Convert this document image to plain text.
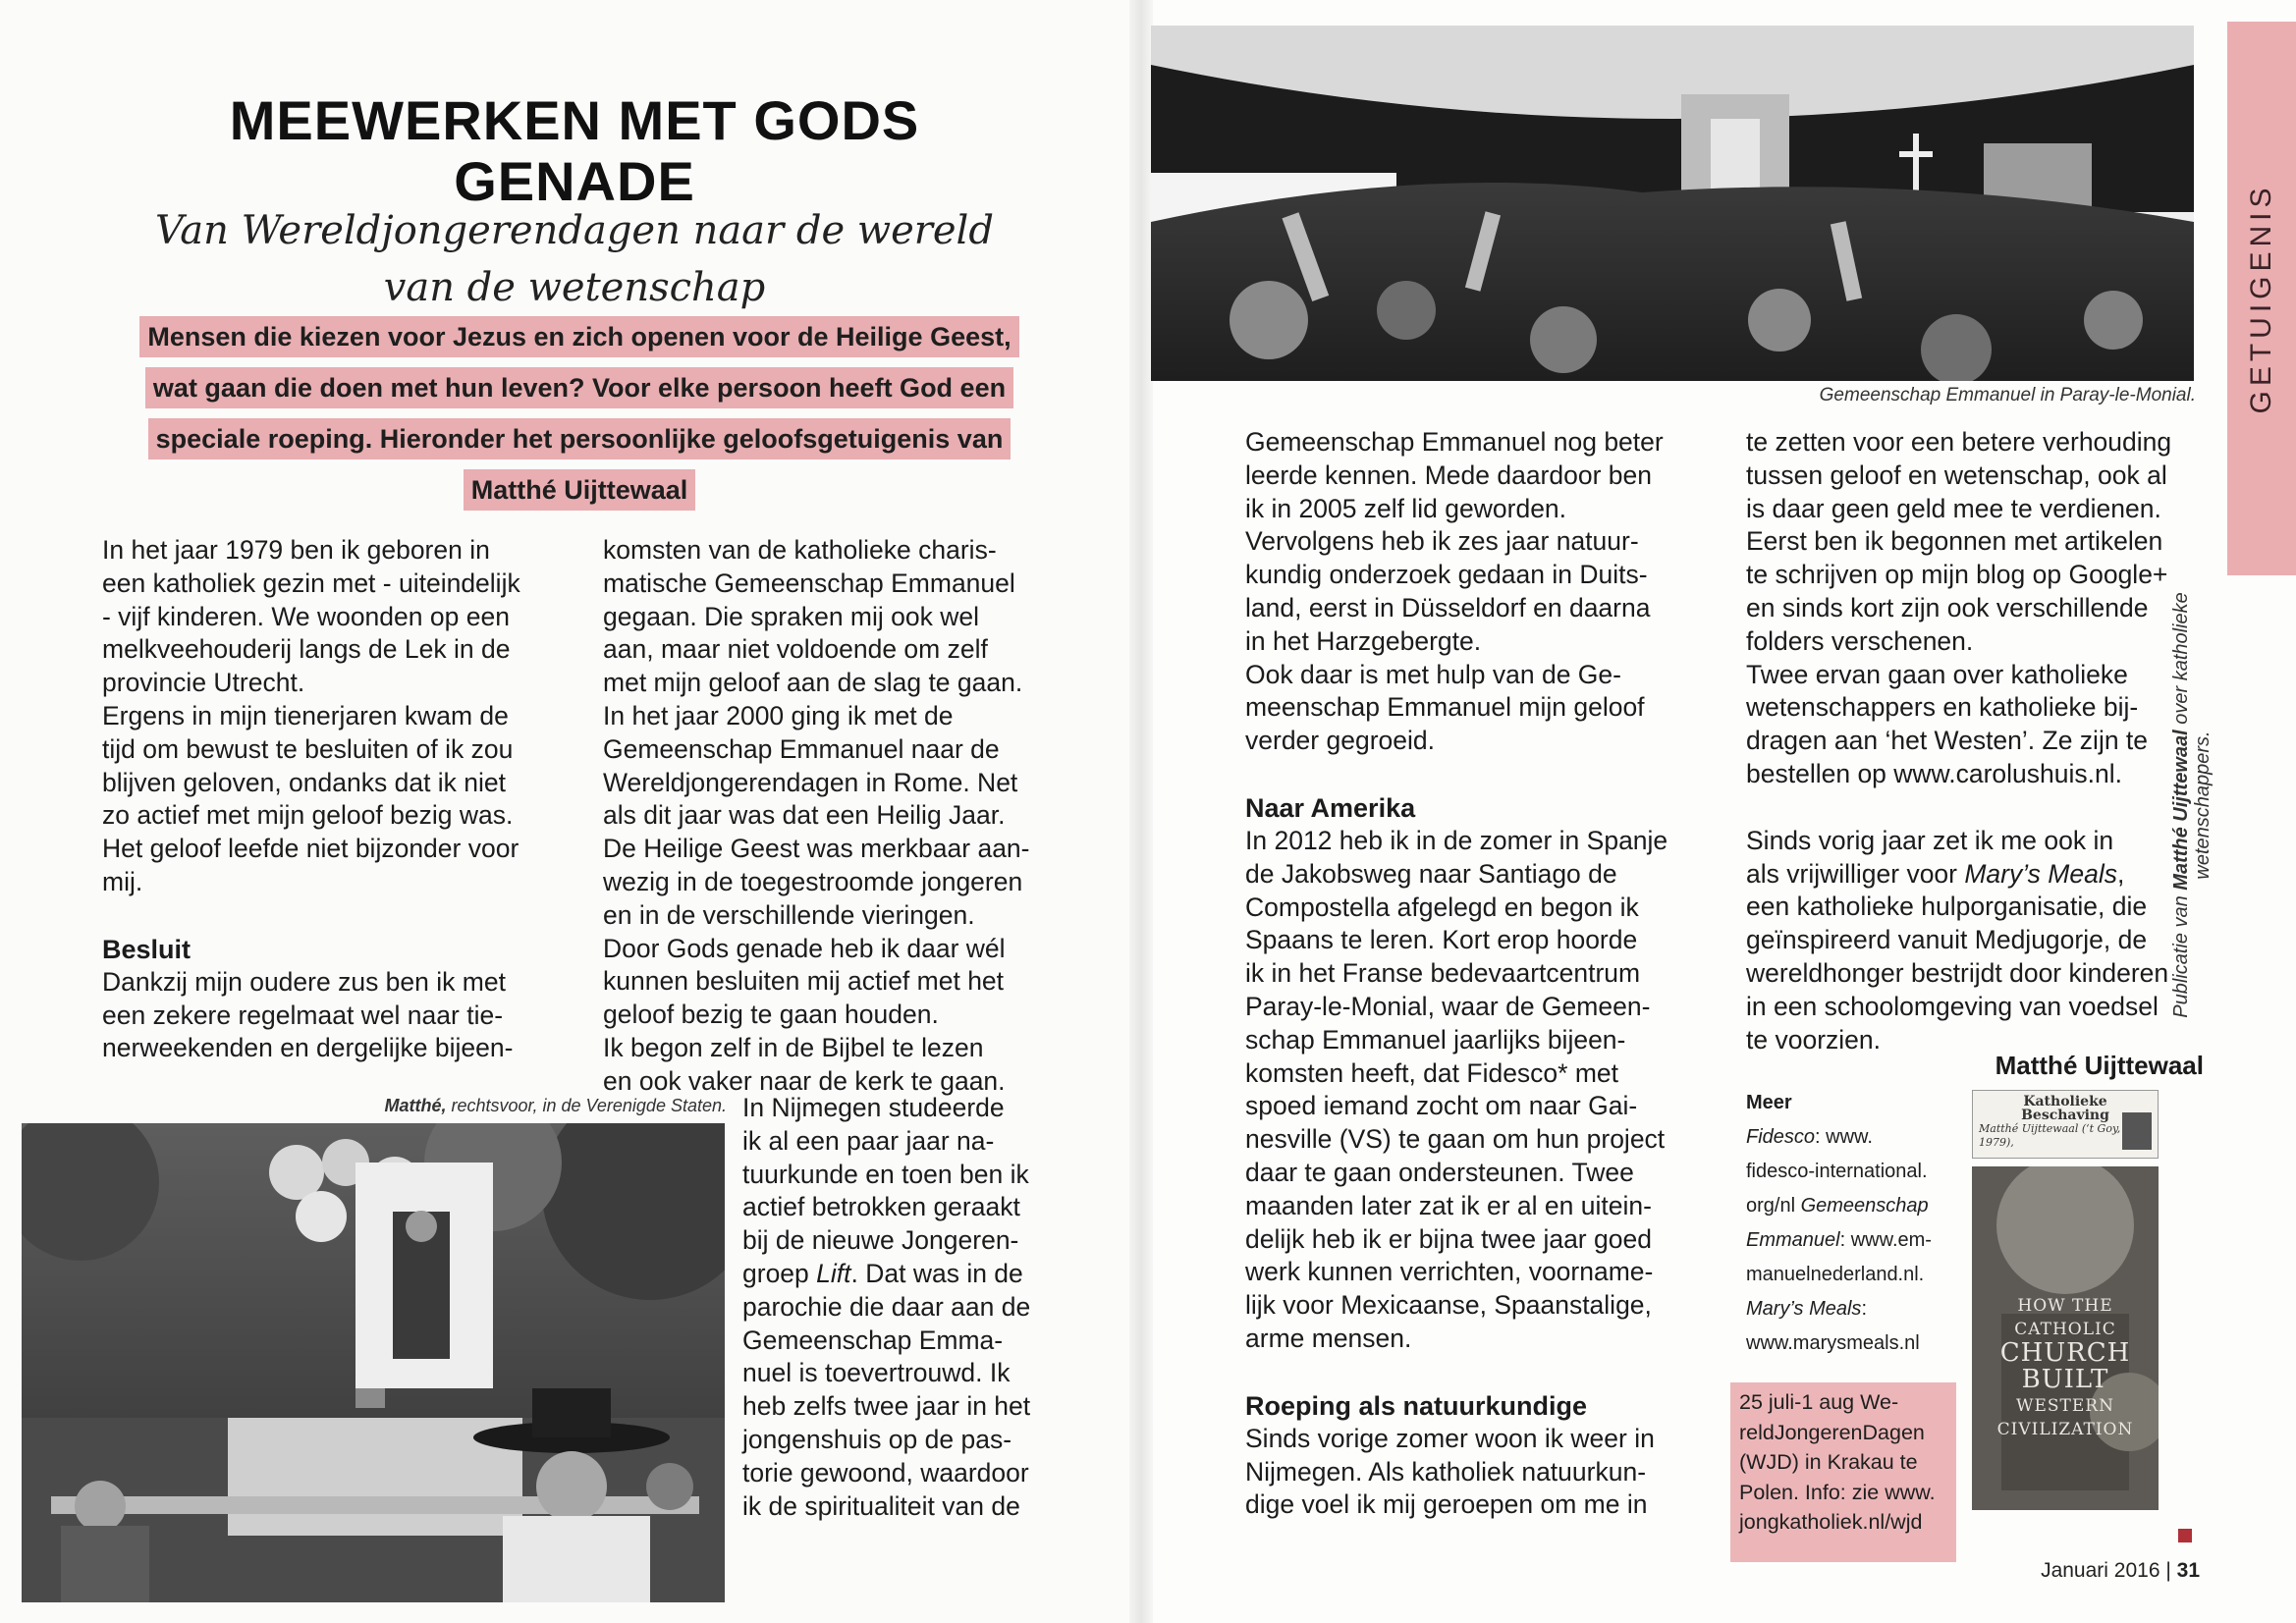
MEEWERKEN MET GODS GENADE
Van Wereldjongerendagen naar de wereld van de wetenschap
Mensen die kiezen voor Jezus en zich openen voor de Heilige Geest,
wat gaan die doen met hun leven? Voor elke persoon heeft God een
speciale roeping. Hieronder het persoonlijke geloofsgetuigenis van
Matthé Uijttewaal

In het jaar 1979 ben ik geboren in
een katholiek gezin met - uiteindelijk
- vijf kinderen. We woonden op een
melkveehouderij langs de Lek in de
provincie Utrecht.
Ergens in mijn tienerjaren kwam de
tijd om bewust te besluiten of ik zou
blijven geloven, ondanks dat ik niet
zo actief met mijn geloof bezig was.
Het geloof leefde niet bijzonder voor
mij.

Besluit

Dankzij mijn oudere zus ben ik met
een zekere regelmaat wel naar tie-
nerweekenden en dergelijke bijeen-

komsten van de katholieke charis-
matische Gemeenschap Emmanuel
gegaan. Die spraken mij ook wel
aan, maar niet voldoende om zelf
met mijn geloof aan de slag te gaan.
In het jaar 2000 ging ik met de
Gemeenschap Emmanuel naar de
Wereldjongerendagen in Rome. Net
als dit jaar was dat een Heilig Jaar.
De Heilige Geest was merkbaar aan-
wezig in de toegestroomde jongeren
en in de verschillende vieringen.
Door Gods genade heb ik daar wél
kunnen besluiten mij actief met het
geloof bezig te gaan houden.
Ik begon zelf in de Bijbel te lezen
en ook vaker naar de kerk te gaan.

Matthé, rechtsvoor, in de Verenigde Staten. In Nijmegen studeerde
ik al een paar jaar na-
tuurkunde en toen ben ik
actief betrokken geraakt
bij de nieuwe Jongeren-
groep Lift. Dat was in de
parochie die daar aan de
Gemeenschap Emma-
nuel is toevertrouwd. Ik
heb zelfs twee jaar in het
jongenshuis op de pas-
torie gewoond, waardoor
ik de spiritualiteit van de

Gemeenschap Emmanuel in Paray-le-Monial. GETUIGENIS

Gemeenschap Emmanuel nog beter
leerde kennen. Mede daardoor ben
ik in 2005 zelf lid geworden.
Vervolgens heb ik zes jaar natuur-
kundig onderzoek gedaan in Duits-
land, eerst in Düsseldorf en daarna
in het Harzgebergte.
Ook daar is met hulp van de Ge-
meenschap Emmanuel mijn geloof
verder gegroeid.

Naar Amerika

In 2012 heb ik in de zomer in Spanje
de Jakobsweg naar Santiago de
Compostella afgelegd en begon ik
Spaans te leren. Kort erop hoorde
ik in het Franse bedevaartcentrum
Paray-le-Monial, waar de Gemeen-
schap Emmanuel jaarlijks bijeen-
komsten heeft, dat Fidesco* met
spoed iemand zocht om naar Gai-
nesville (VS) te gaan om hun project
daar te gaan ondersteunen. Twee
maanden later zat ik er al en uitein-
delijk heb ik er bijna twee jaar goed
werk kunnen verrichten, voorname-
lijk voor Mexicaanse, Spaanstalige,
arme mensen.

Roeping als natuurkundige

Sinds vorige zomer woon ik weer in
Nijmegen. Als katholiek natuurkun-
dige voel ik mij geroepen om me in

te zetten voor een betere verhouding
tussen geloof en wetenschap, ook al
is daar geen geld mee te verdienen.
Eerst ben ik begonnen met artikelen
te schrijven op mijn blog op Google+
en sinds kort zijn ook verschillende
folders verschenen.
Twee ervan gaan over katholieke
wetenschappers en katholieke bij-
dragen aan ‘het Westen’. Ze zijn te
bestellen op www.carolushuis.nl.

Sinds vorig jaar zet ik me ook in
als vrijwilliger voor Mary’s Meals,
een katholieke hulporganisatie, die
geïnspireerd vanuit Medjugorje, de
wereldhonger bestrijdt door kinderen
in een schoolomgeving van voedsel
te voorzien.

Matthé Uijttewaal
Meer
Fidesco: www.
fidesco-international.
org/nl Gemeenschap
Emmanuel: www.em-
manuelnederland.nl.
Mary’s Meals:
www.marysmeals.nl
25 juli-1 aug We-
reldJongerenDagen
(WJD) in Krakau te
Polen. Info: zie www.
jongkatholiek.nl/wjd
Katholieke Beschaving
Matthé Uijttewaal (‘t Goy, 1979),
HOW THE
CATHOLIC
CHURCH
BUILT
WESTERN
CIVILIZATION
Publicatie van Matthé Uijttewaal over katholieke wetenschappers.
Januari 2016 | 31
